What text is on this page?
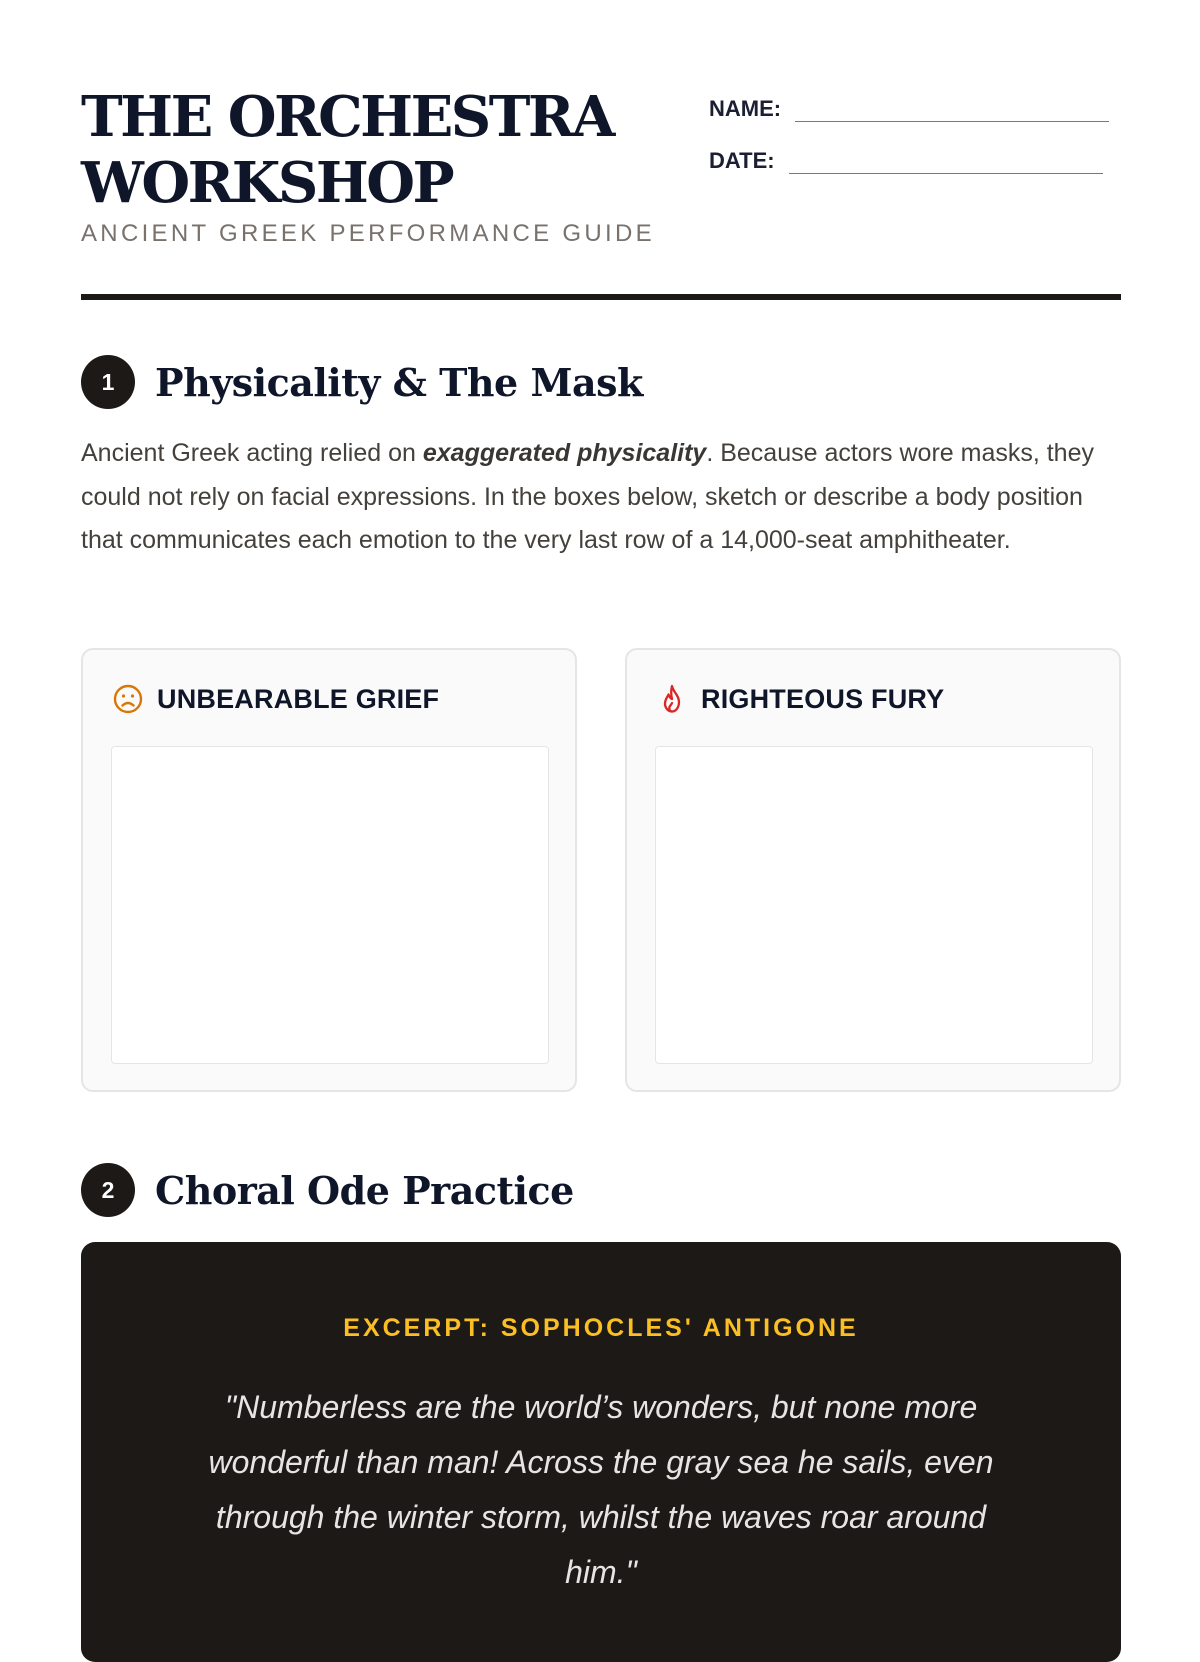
THE ORCHESTRA WORKSHOP
ANCIENT GREEK PERFORMANCE GUIDE
NAME:
DATE:
1	Physicality & The Mask

Ancient Greek acting relied on exaggerated physicality. Because actors wore masks, they could not rely on facial expressions. In the boxes below, sketch or describe a body position that communicates each emotion to the very last row of a 14,000-seat amphitheater.

UNBEARABLE GRIEF	RIGHTEOUS FURY
2	Choral Ode Practice
EXCERPT: SOPHOCLES' ANTIGONE

"Numberless are the world’s wonders, but none more wonderful than man! Across the gray sea he sails, even through the winter storm, whilst the waves roar around him."
